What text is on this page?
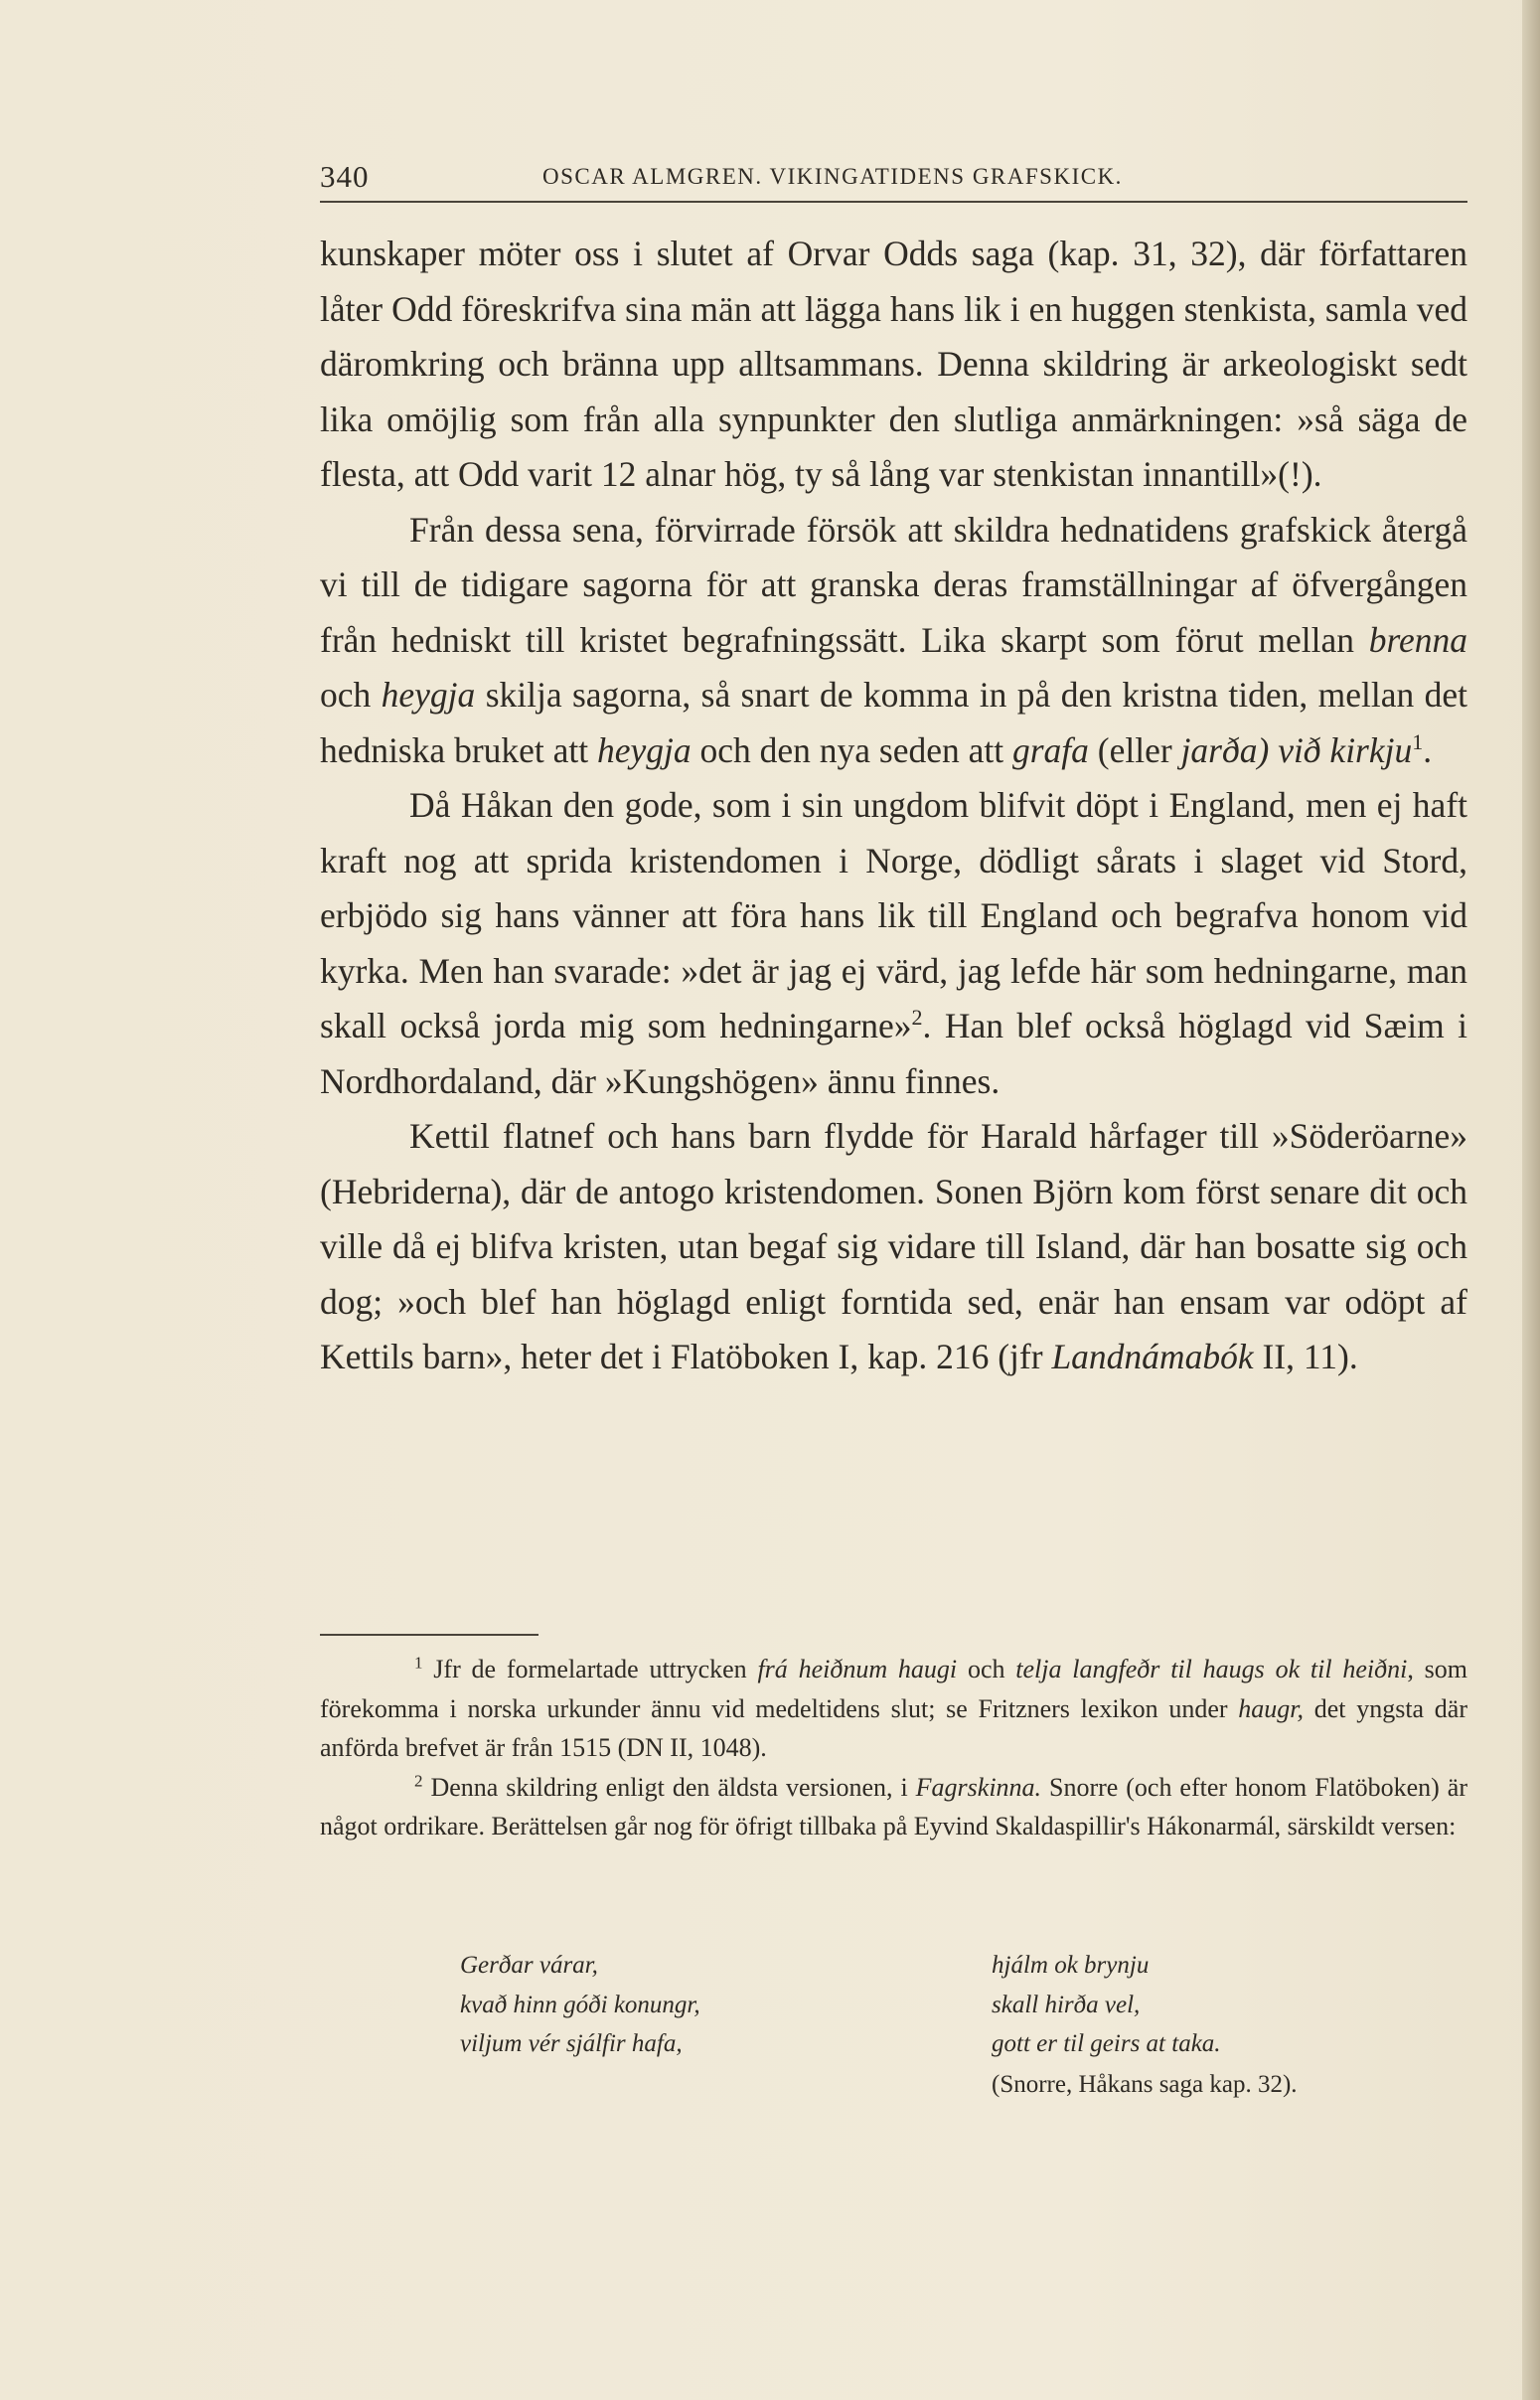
340	OSCAR ALMGREN. VIKINGATIDENS GRAFSKICK.

kunskaper möter oss i slutet af Orvar Odds saga (kap. 31, 32), där författaren låter Odd föreskrifva sina män att lägga hans lik i en huggen stenkista, samla ved däromkring och bränna upp alltsammans. Denna skildring är arkeologiskt sedt lika omöjlig som från alla synpunkter den slutliga anmärkningen: »så säga de flesta, att Odd varit 12 alnar hög, ty så lång var stenkistan innantill»(!).

Från dessa sena, förvirrade försök att skildra hednatidens grafskick återgå vi till de tidigare sagorna för att granska deras framställningar af öfvergången från hedniskt till kristet begrafningssätt. Lika skarpt som förut mellan brenna och heygja skilja sagorna, så snart de komma in på den kristna tiden, mellan det hedniska bruket att heygja och den nya seden att grafa (eller jarða) við kirkju$^1$.

Då Håkan den gode, som i sin ungdom blifvit döpt i England, men ej haft kraft nog att sprida kristendomen i Norge, dödligt sårats i slaget vid Stord, erbjödo sig hans vänner att föra hans lik till England och begrafva honom vid kyrka. Men han svarade: »det är jag ej värd, jag lefde här som hedningarne, man skall också jorda mig som hedningarne»$^2$. Han blef också höglagd vid Sæim i Nordhordaland, där »Kungshögen» ännu finnes.

Kettil flatnef och hans barn flydde för Harald hårfager till »Söderöarne» (Hebriderna), där de antogo kristendomen. Sonen Björn kom först senare dit och ville då ej blifva kristen, utan begaf sig vidare till Island, där han bosatte sig och dog; »och blef han höglagd enligt forntida sed, enär han ensam var odöpt af Kettils barn», heter det i Flatöboken I, kap. 216 (jfr Landnámabók II, 11).

$^1$ Jfr de formelartade uttrycken frá heiðnum haugi och telja langfeðr til haugs ok til heiðni, som förekomma i norska urkunder ännu vid medeltidens slut; se Fritzners lexikon under haugr, det yngsta där anförda brefvet är från 1515 (DN II, 1048).

$^2$ Denna skildring enligt den äldsta versionen, i Fagrskinna. Snorre (och efter honom Flatöboken) är något ordrikare. Berättelsen går nog för öfrigt tillbaka på Eyvind Skaldaspillir's Hákonarmál, särskildt versen:

Gerðar várar,
kvað hinn góði konungr,
viljum vér sjálfir hafa,
hjálm ok brynju
skall hirða vel,
gott er til geirs at taka.
(Snorre, Håkans saga kap. 32).
